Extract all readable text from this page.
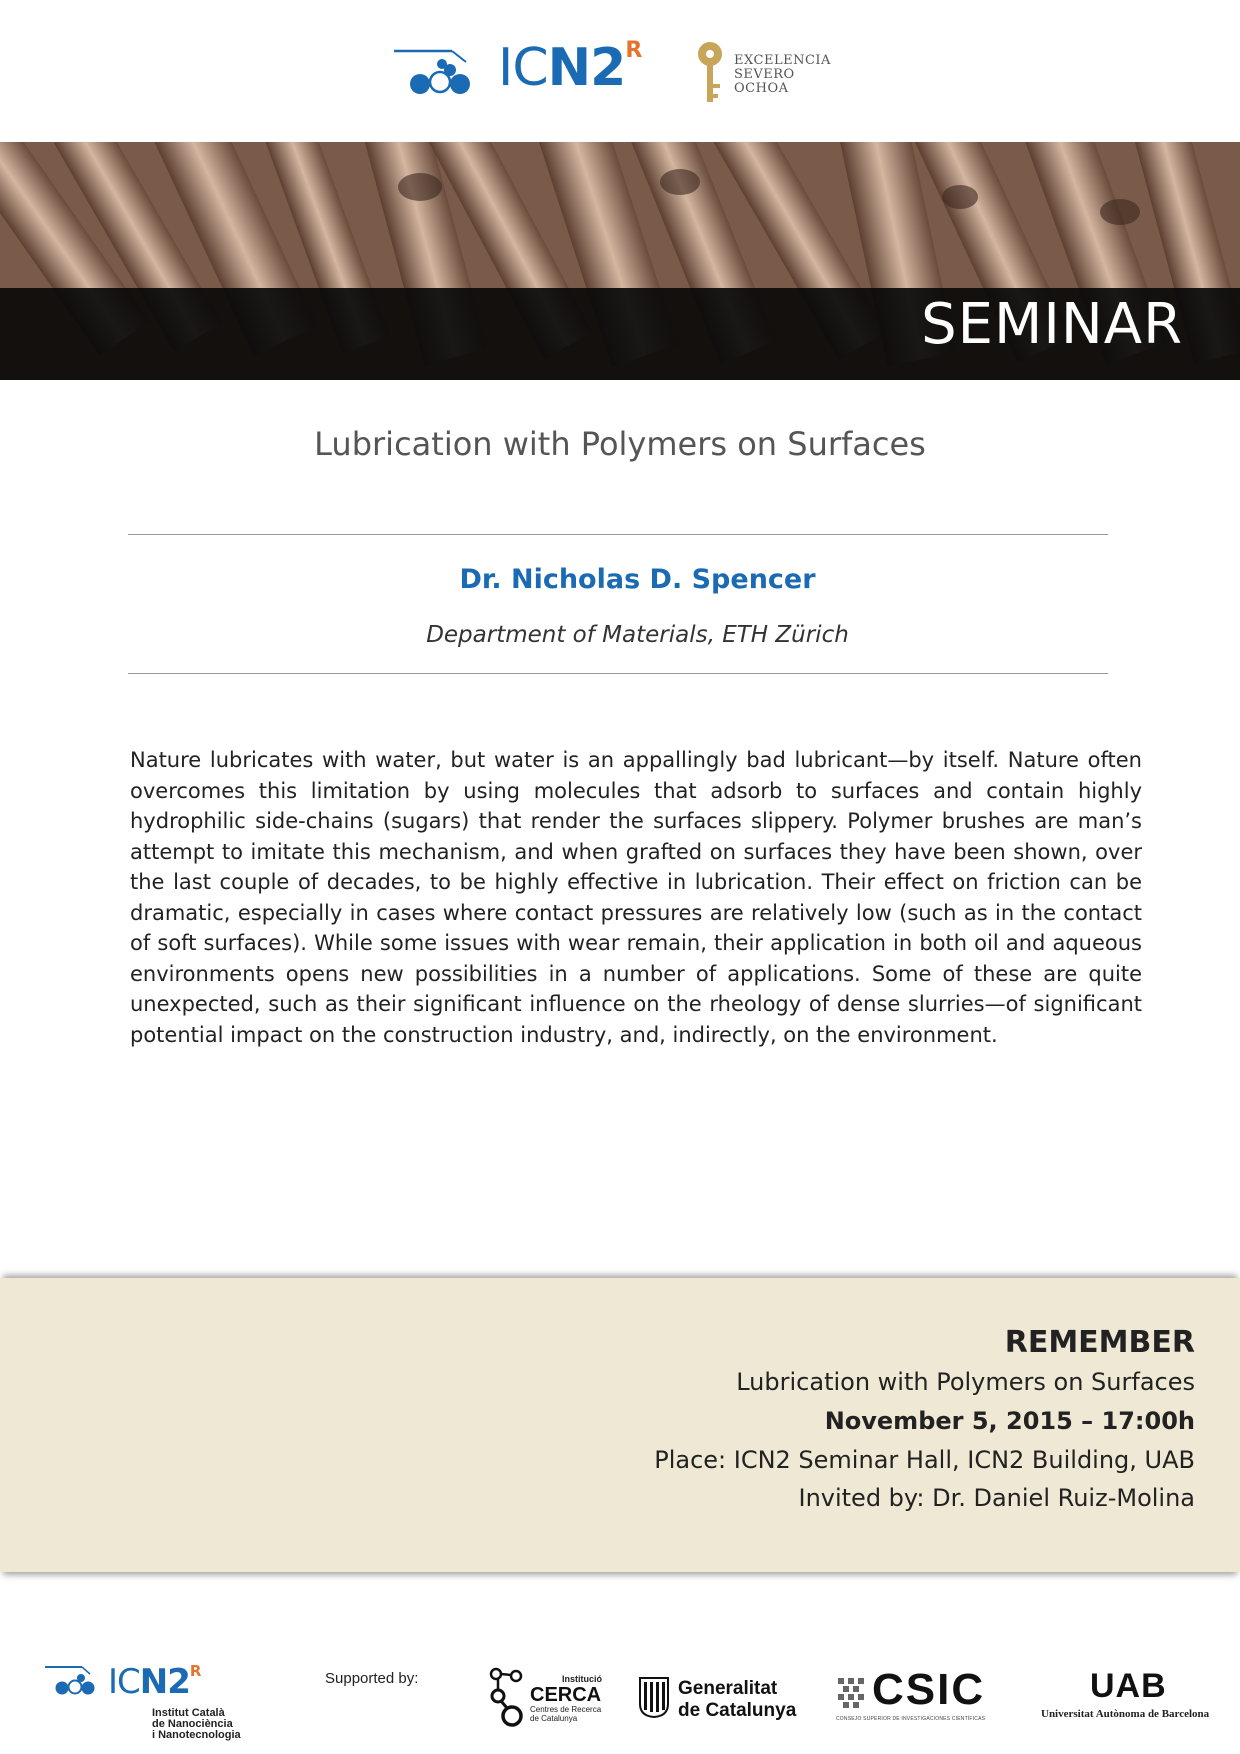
$ICN2^R$	EXCELENCIA
SEVERO
OCHOA
SEMINAR
Lubrication with Polymers on Surfaces
Dr. Nicholas D. Spencer
Department of Materials, ETH Zürich

Nature lubricates with water, but water is an appallingly bad lubricant—by itself. Nature often overcomes this limitation by using molecules that adsorb to surfaces and contain highly hydrophilic side-chains (sugars) that render the surfaces slippery. Polymer brushes are man’s attempt to imitate this mechanism, and when grafted on surfaces they have been shown, over the last couple of decades, to be highly effective in lubrication. Their effect on friction can be dramatic, especially in cases where contact pressures are relatively low (such as in the contact of soft surfaces). While some issues with wear remain, their application in both oil and aqueous environments opens new possibilities in a number of applications. Some of these are quite unexpected, such as their significant influence on the rheology of dense slurries—of significant potential impact on the construction industry, and, indirectly, on the environment.

REMEMBER
Lubrication with Polymers on Surfaces
November 5, 2015 – 17:00h
Place: ICN2 Seminar Hall, ICN2 Building, UAB
Invited by: Dr. Daniel Ruiz-Molina
$ICN2^R$
Institut Català
de Nanociència
i Nanotecnologia
Supported by:	Institució
CERCA
Centres de Recerca
de Catalunya
Generalitat
de Catalunya CSIC
CONSEJO SUPERIOR DE INVESTIGACIONES CIENTÍFICAS
UAB
Universitat Autònoma de Barcelona
